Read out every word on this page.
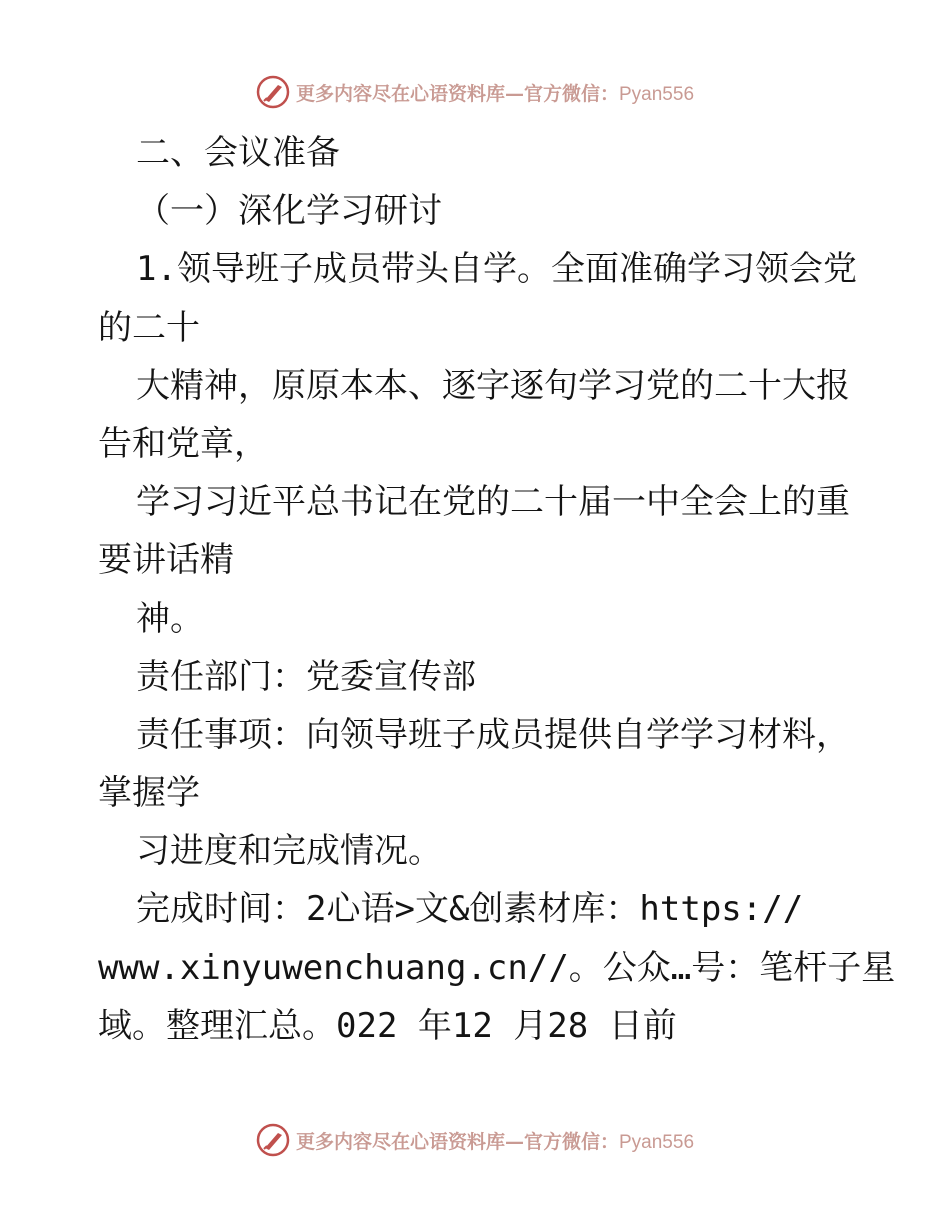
更多内容尽在心语资料库—官方微信：Pyan556
二、会议准备
（一）深化学习研讨
1.领导班子成员带头自学。全面准确学习领会党
的二十
大精神，原原本本、逐字逐句学习党的二十大报
告和党章，
学习习近平总书记在党的二十届一中全会上的重
要讲话精
神。
责任部门：党委宣传部
责任事项：向领导班子成员提供自学学习材料，
掌握学
习进度和完成情况。
完成时间：2心语>文&创素材库：https://
www.xinyuwenchuang.cn//。公众…号：笔杆子星
域。整理汇总。022 年12 月28 日前
更多内容尽在心语资料库—官方微信：Pyan556
